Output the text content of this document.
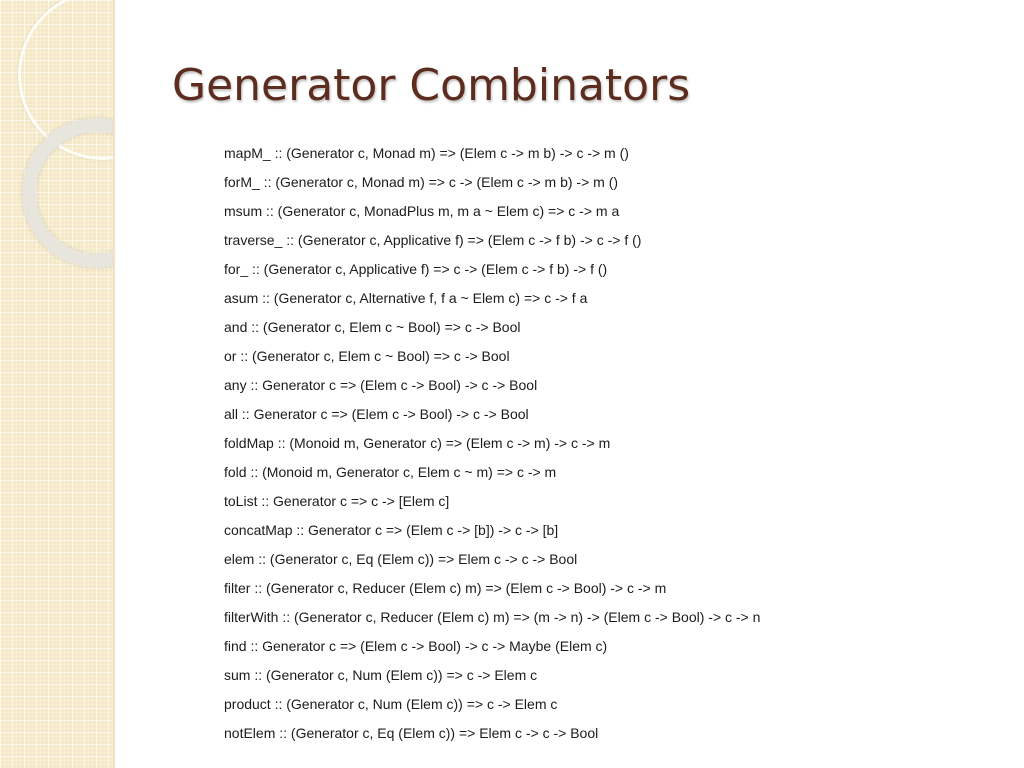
Generator Combinators
mapM_ :: (Generator c, Monad m) => (Elem c -> m b) -> c -> m ()
forM_ :: (Generator c, Monad m) => c -> (Elem c -> m b) -> m ()
msum :: (Generator c, MonadPlus m, m a ~ Elem c) => c -> m a
traverse_ :: (Generator c, Applicative f) => (Elem c -> f b) -> c -> f ()
for_ :: (Generator c, Applicative f) => c -> (Elem c -> f b) -> f ()
asum :: (Generator c, Alternative f, f a ~ Elem c) => c -> f a
and :: (Generator c, Elem c ~ Bool) => c -> Bool
or :: (Generator c, Elem c ~ Bool) => c -> Bool
any :: Generator c => (Elem c -> Bool) -> c -> Bool
all :: Generator c => (Elem c -> Bool) -> c -> Bool
foldMap :: (Monoid m, Generator c) => (Elem c -> m) -> c -> m
fold :: (Monoid m, Generator c, Elem c ~ m) => c -> m
toList :: Generator c => c -> [Elem c]
concatMap :: Generator c => (Elem c -> [b]) -> c -> [b]
elem :: (Generator c, Eq (Elem c)) => Elem c -> c -> Bool
filter :: (Generator c, Reducer (Elem c) m) => (Elem c -> Bool) -> c -> m
filterWith :: (Generator c, Reducer (Elem c) m) => (m -> n) -> (Elem c -> Bool) -> c -> n
find :: Generator c => (Elem c -> Bool) -> c -> Maybe (Elem c)
sum :: (Generator c, Num (Elem c)) => c -> Elem c
product :: (Generator c, Num (Elem c)) => c -> Elem c
notElem :: (Generator c, Eq (Elem c)) => Elem c -> c -> Bool
